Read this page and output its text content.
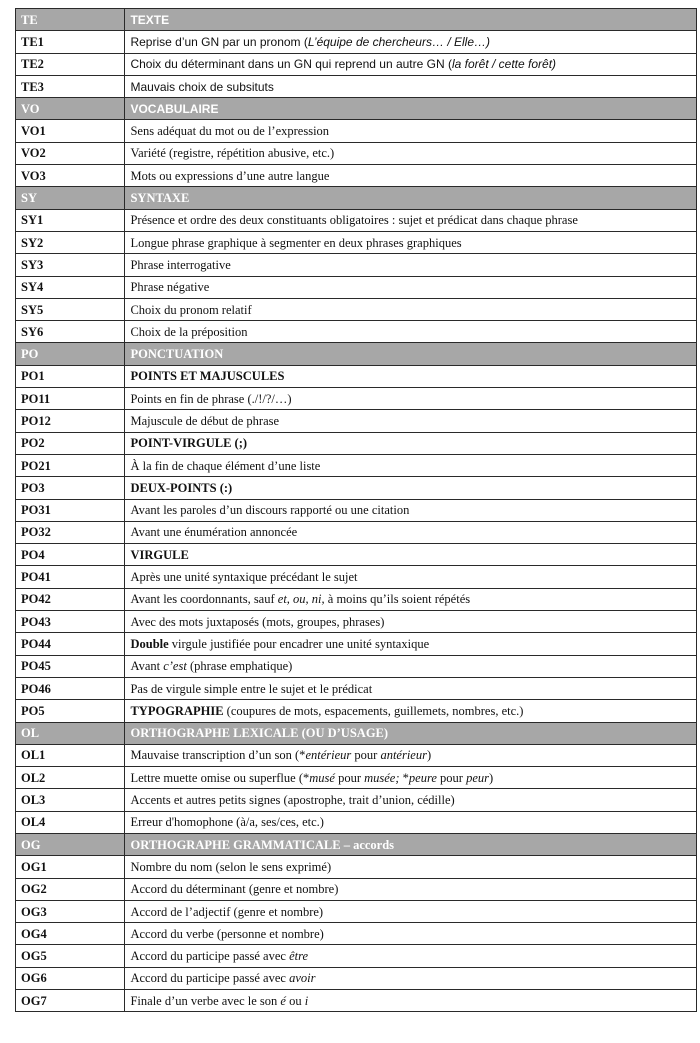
TE	TEXTE
TE1	Reprise d’un GN par un pronom (L’équipe de chercheurs… / Elle…)
TE2	Choix du déterminant dans un GN qui reprend un autre GN (la forêt / cette forêt)
TE3	Mauvais choix de subsituts
VO	VOCABULAIRE
VO1	Sens adéquat du mot ou de l’expression
VO2	Variété (registre, répétition abusive, etc.)
VO3	Mots ou expressions d’une autre langue
SY	SYNTAXE
SY1	Présence et ordre des deux constituants obligatoires : sujet et prédicat dans chaque phrase
SY2	Longue phrase graphique à segmenter en deux phrases graphiques
SY3	Phrase interrogative
SY4	Phrase négative
SY5	Choix du pronom relatif
SY6	Choix de la préposition
PO	PONCTUATION
PO1	POINTS ET MAJUSCULES
PO11	Points en fin de phrase (./!/?/…)
PO12	Majuscule de début de phrase
PO2	POINT-VIRGULE (;)
PO21	À la fin de chaque élément d’une liste
PO3	DEUX-POINTS (:)
PO31	Avant les paroles d’un discours rapporté ou une citation
PO32	Avant une énumération annoncée
PO4	VIRGULE
PO41	Après une unité syntaxique précédant le sujet
PO42	Avant les coordonnants, sauf et, ou, ni, à moins qu’ils soient répétés
PO43	Avec des mots juxtaposés (mots, groupes, phrases)
PO44	Double virgule justifiée pour encadrer une unité syntaxique
PO45	Avant c’est (phrase emphatique)
PO46	Pas de virgule simple entre le sujet et le prédicat
PO5	TYPOGRAPHIE (coupures de mots, espacements, guillemets, nombres, etc.)
OL	ORTHOGRAPHE LEXICALE (OU D’USAGE)
OL1	Mauvaise transcription d’un son (*entérieur pour antérieur)
OL2	Lettre muette omise ou superflue (*musé pour musée; *peure pour peur)
OL3	Accents et autres petits signes (apostrophe, trait d’union, cédille)
OL4	Erreur d'homophone (à/a, ses/ces, etc.)
OG	ORTHOGRAPHE GRAMMATICALE – accords
OG1	Nombre du nom (selon le sens exprimé)
OG2	Accord du déterminant (genre et nombre)
OG3	Accord de l’adjectif (genre et nombre)
OG4	Accord du verbe (personne et nombre)
OG5	Accord du participe passé avec être
OG6	Accord du participe passé avec avoir
OG7	Finale d’un verbe avec le son é ou i
